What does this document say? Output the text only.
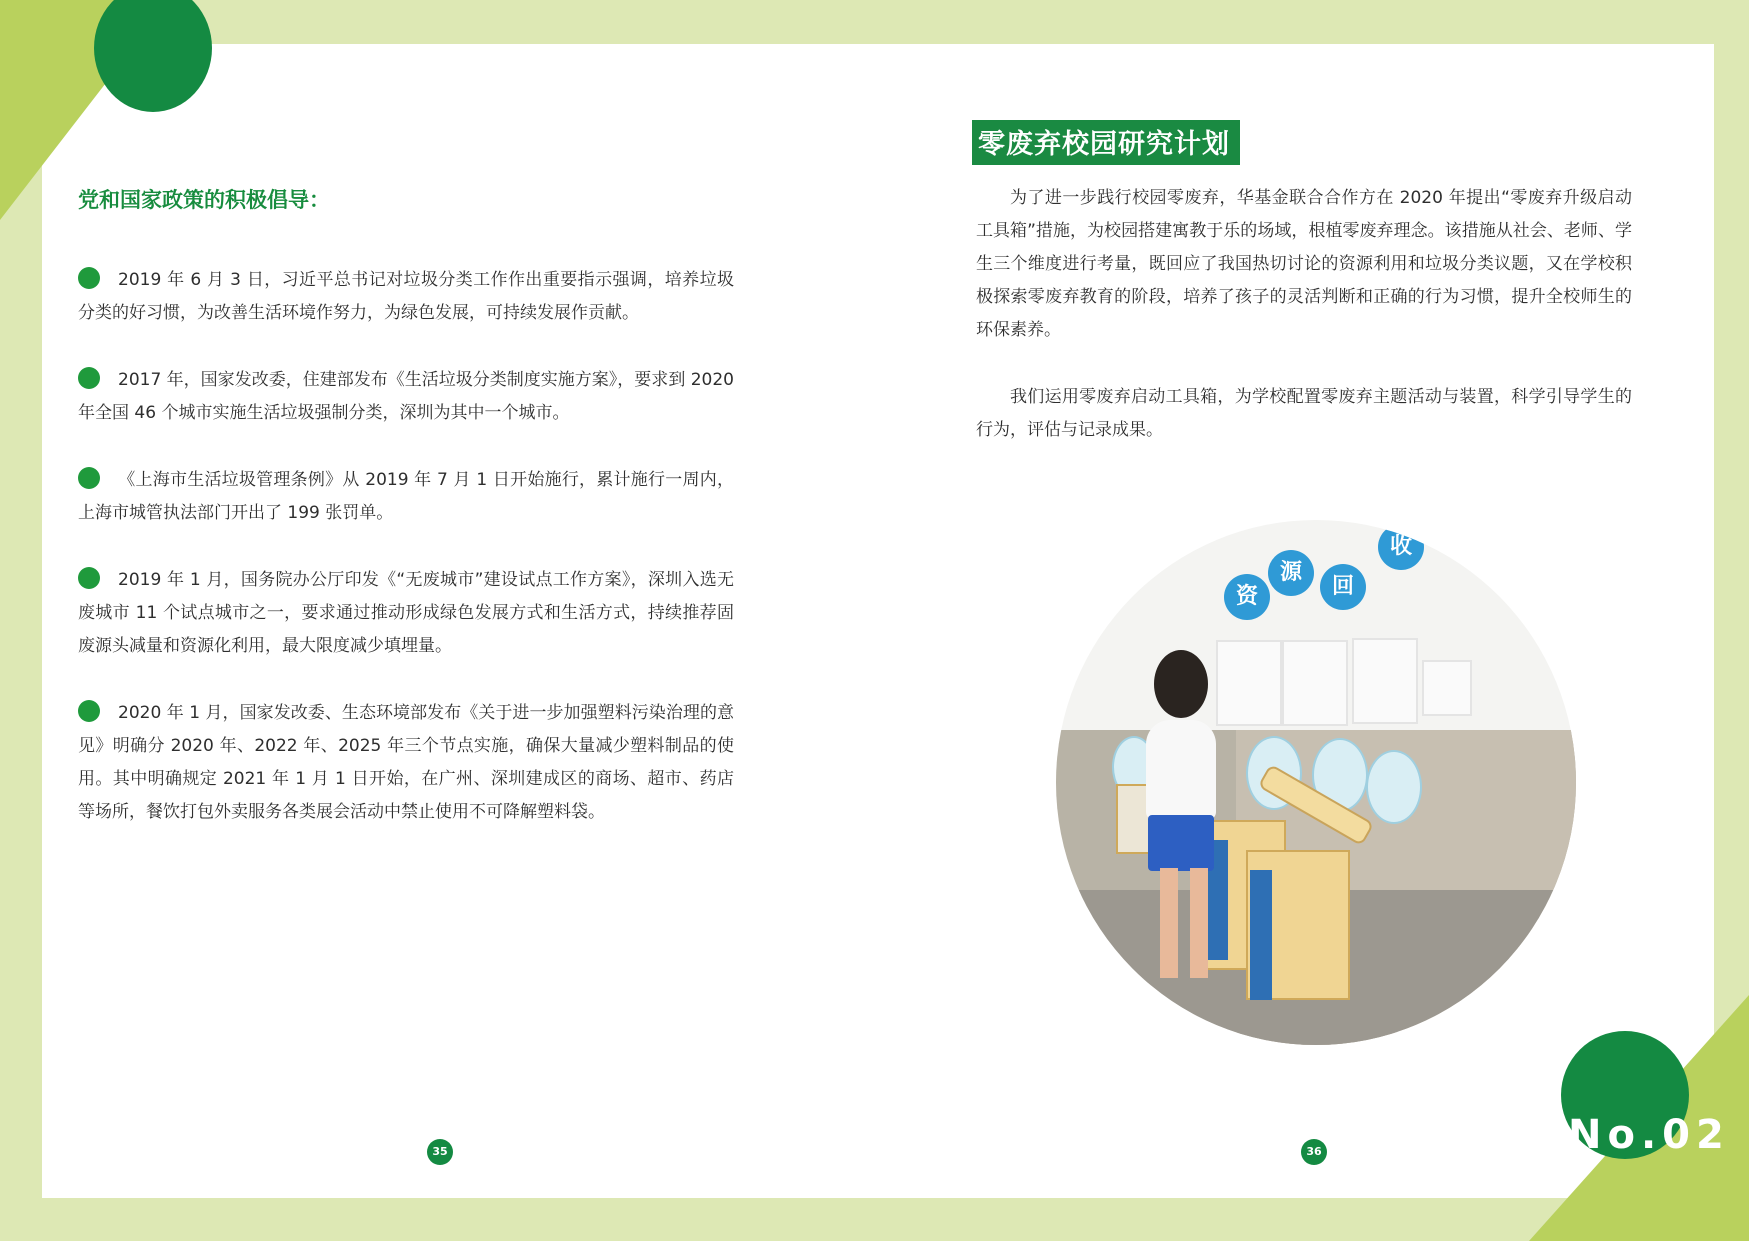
No.02
党和国家政策的积极倡导：
2019 年 6 月 3 日，习近平总书记对垃圾分类工作作出重要指示强调，培养垃圾分类的好习惯，为改善生活环境作努力，为绿色发展，可持续发展作贡献。
2017 年，国家发改委，住建部发布《生活垃圾分类制度实施方案》，要求到 2020 年全国 46 个城市实施生活垃圾强制分类，深圳为其中一个城市。
《上海市生活垃圾管理条例》从 2019 年 7 月 1 日开始施行，累计施行一周内，上海市城管执法部门开出了 199 张罚单。
2019 年 1 月，国务院办公厅印发《“无废城市”建设试点工作方案》，深圳入选无废城市 11 个试点城市之一，要求通过推动形成绿色发展方式和生活方式，持续推荐固废源头减量和资源化利用，最大限度减少填埋量。
2020 年 1 月，国家发改委、生态环境部发布《关于进一步加强塑料污染治理的意见》明确分 2020 年、2022 年、2025 年三个节点实施，确保大量减少塑料制品的使用。其中明确规定 2021 年 1 月 1 日开始，在广州、深圳建成区的商场、超市、药店等场所，餐饮打包外卖服务各类展会活动中禁止使用不可降解塑料袋。
35
零废弃校园研究计划

为了进一步践行校园零废弃，华基金联合合作方在 2020 年提出“零废弃升级启动工具箱”措施，为校园搭建寓教于乐的场域，根植零废弃理念。该措施从社会、老师、学生三个维度进行考量，既回应了我国热切讨论的资源利用和垃圾分类议题，又在学校积极探索零废弃教育的阶段，培养了孩子的灵活判断和正确的行为习惯，提升全校师生的环保素养。

我们运用零废弃启动工具箱，为学校配置零废弃主题活动与装置，科学引导学生的行为，评估与记录成果。

资
源
回
收
36
